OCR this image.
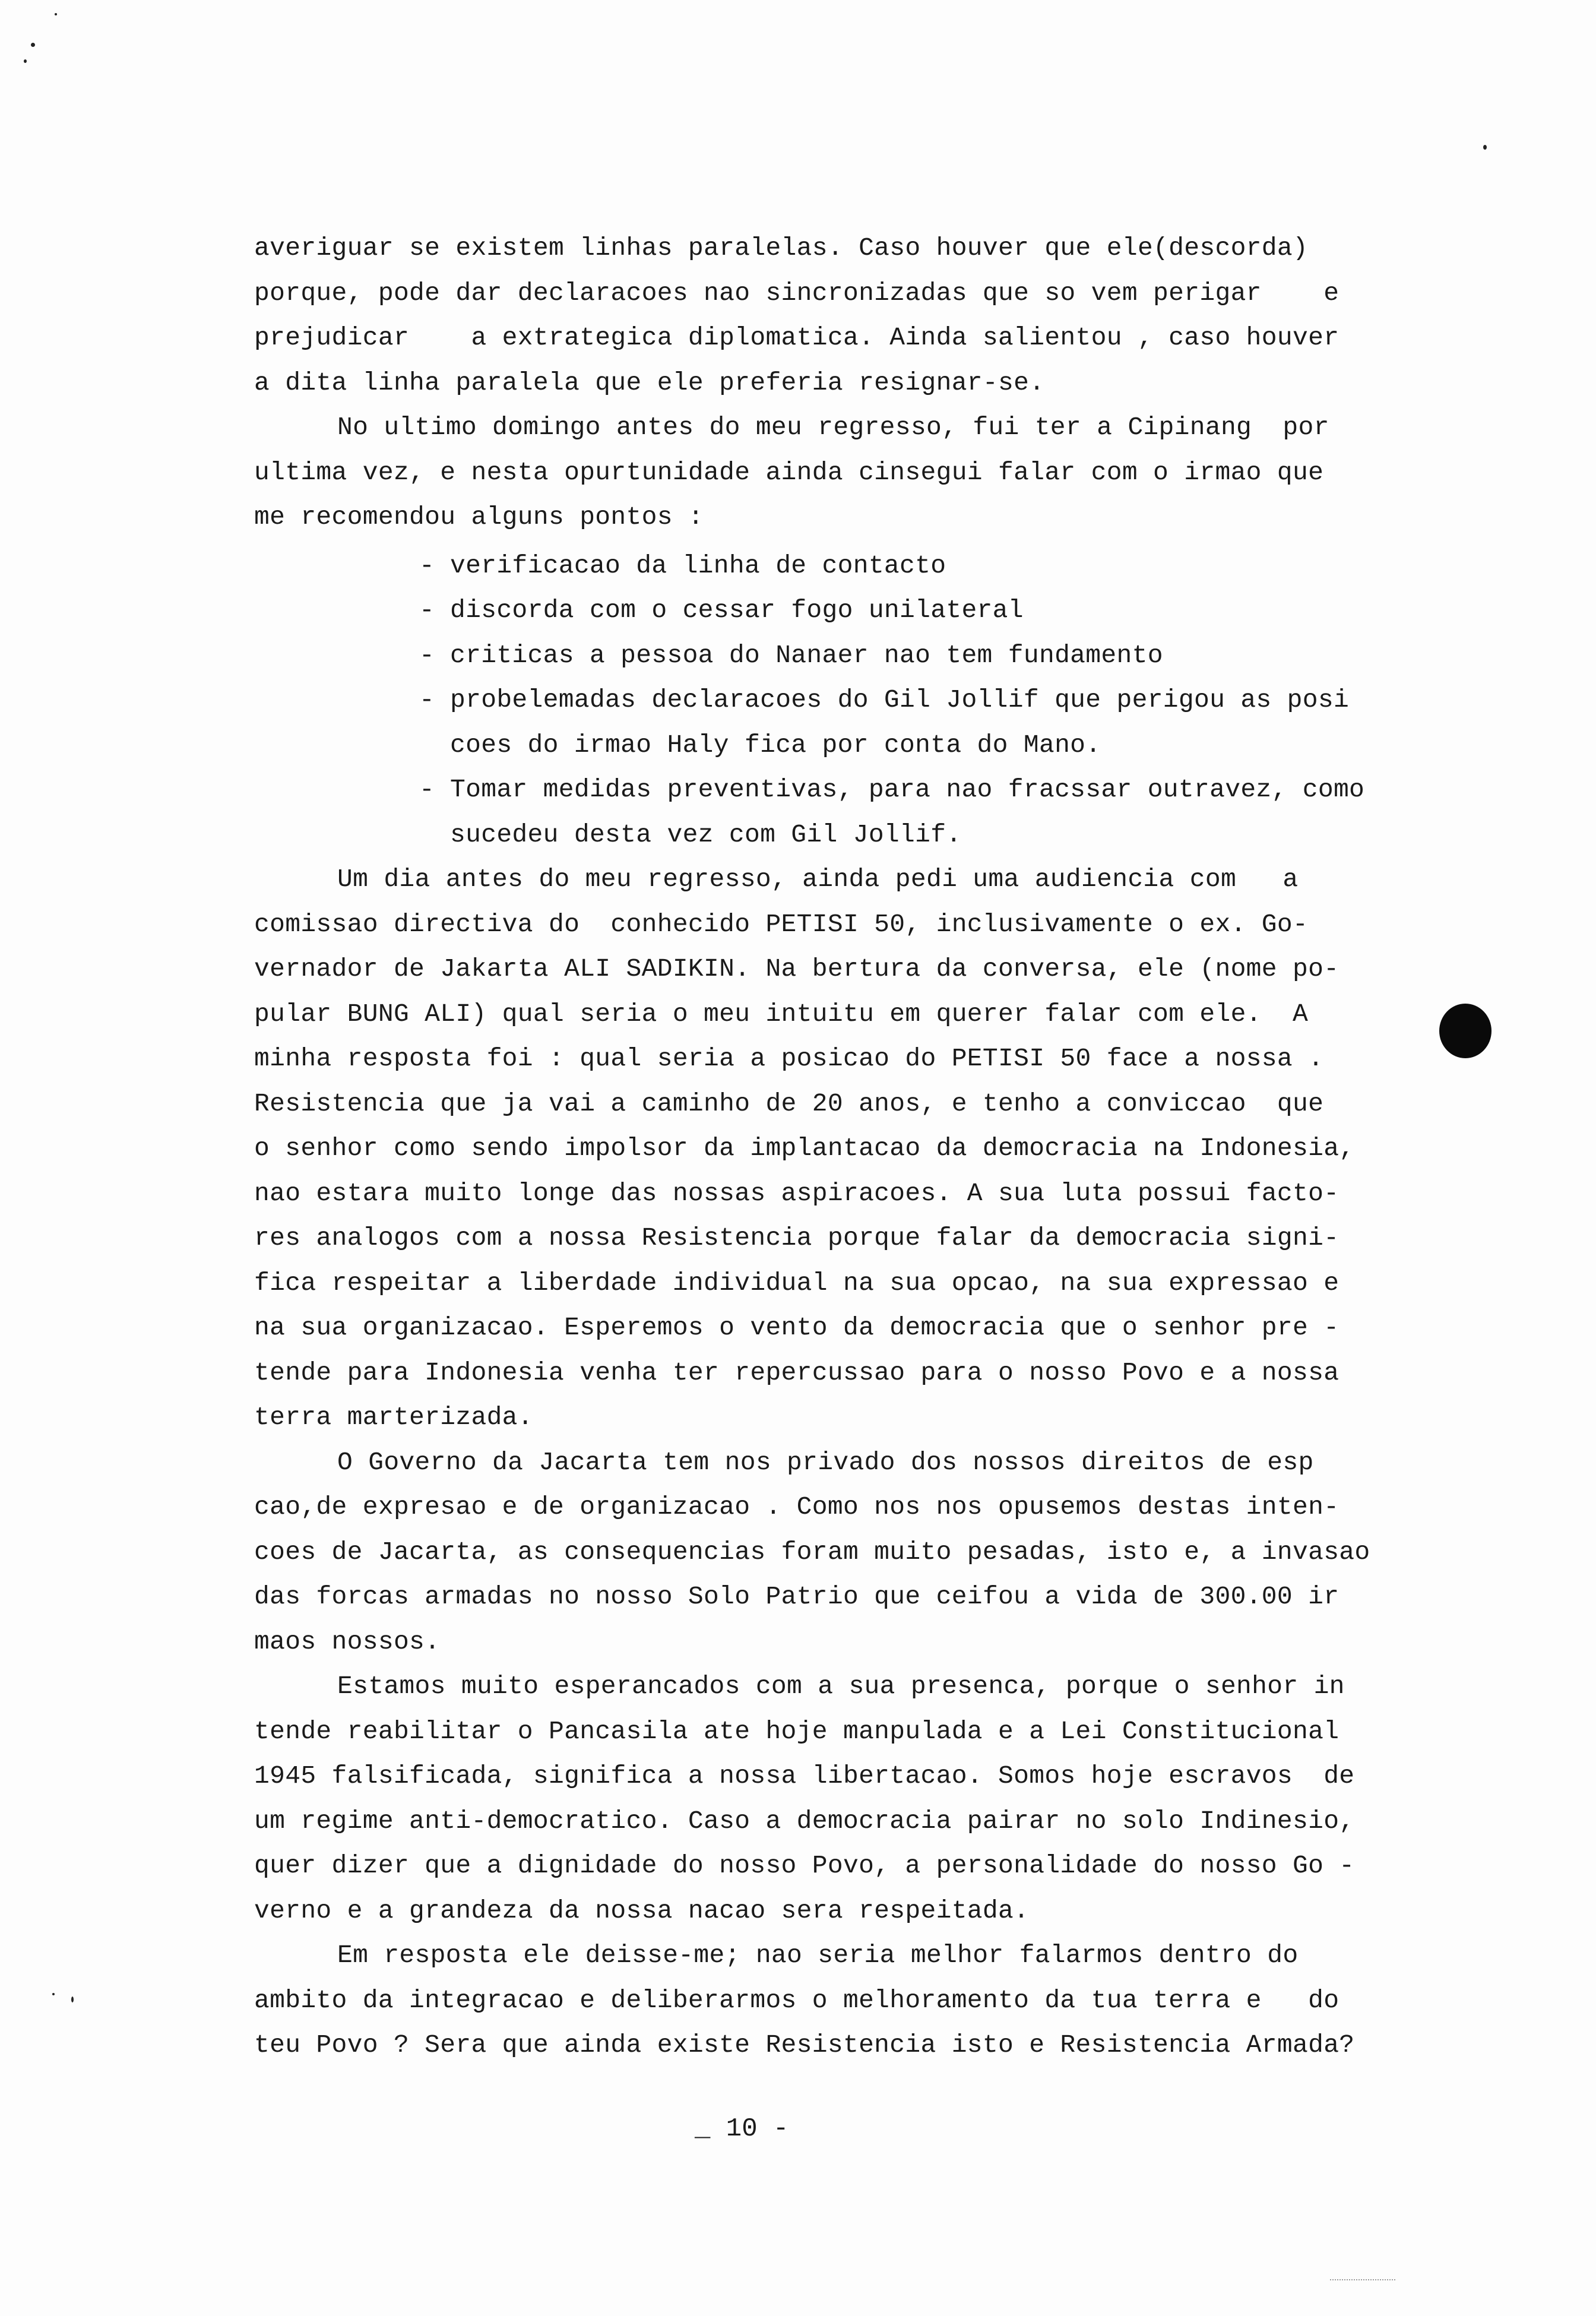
averiguar se existem linhas paralelas. Caso houver que ele(descorda)
porque, pode dar declaracoes nao sincronizadas que so vem perigar    e
prejudicar    a extrategica diplomatica. Ainda salientou , caso houver
a dita linha paralela que ele preferia resignar-se.
No ultimo domingo antes do meu regresso, fui ter a Cipinang  por
ultima vez, e nesta opurtunidade ainda cinsegui falar com o irmao que
me recomendou alguns pontos :
- verificacao da linha de contacto
- discorda com o cessar fogo unilateral
- criticas a pessoa do Nanaer nao tem fundamento
- probelemadas declaracoes do Gil Jollif que perigou as posi
coes do irmao Haly fica por conta do Mano.
- Tomar medidas preventivas, para nao fracssar outravez, como
sucedeu desta vez com Gil Jollif.
Um dia antes do meu regresso, ainda pedi uma audiencia com   a
comissao directiva do  conhecido PETISI 50, inclusivamente o ex. Go-
vernador de Jakarta ALI SADIKIN. Na bertura da conversa, ele (nome po-
pular BUNG ALI) qual seria o meu intuitu em querer falar com ele.  A
minha resposta foi : qual seria a posicao do PETISI 50 face a nossa .
Resistencia que ja vai a caminho de 20 anos, e tenho a conviccao  que
o senhor como sendo impolsor da implantacao da democracia na Indonesia,
nao estara muito longe das nossas aspiracoes. A sua luta possui facto-
res analogos com a nossa Resistencia porque falar da democracia signi-
fica respeitar a liberdade individual na sua opcao, na sua expressao e
na sua organizacao. Esperemos o vento da democracia que o senhor pre -
tende para Indonesia venha ter repercussao para o nosso Povo e a nossa
terra marterizada.
O Governo da Jacarta tem nos privado dos nossos direitos de esp
cao,de expresao e de organizacao . Como nos nos opusemos destas inten-
coes de Jacarta, as consequencias foram muito pesadas, isto e, a invasao
das forcas armadas no nosso Solo Patrio que ceifou a vida de 300.00 ir
maos nossos.
Estamos muito esperancados com a sua presenca, porque o senhor in
tende reabilitar o Pancasila ate hoje manpulada e a Lei Constitucional
1945 falsificada, significa a nossa libertacao. Somos hoje escravos  de
um regime anti-democratico. Caso a democracia pairar no solo Indinesio,
quer dizer que a dignidade do nosso Povo, a personalidade do nosso Go -
verno e a grandeza da nossa nacao sera respeitada.
Em resposta ele deisse-me; nao seria melhor falarmos dentro do
ambito da integracao e deliberarmos o melhoramento da tua terra e   do
teu Povo ? Sera que ainda existe Resistencia isto e Resistencia Armada?
_ 10 -
